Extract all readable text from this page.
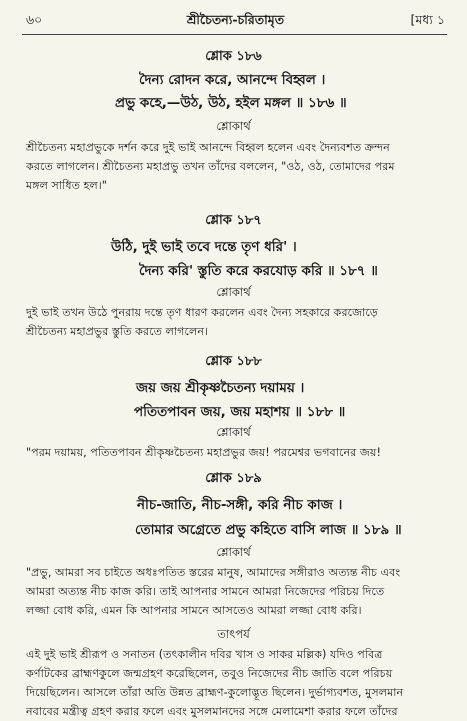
৬০	শ্রীচৈতন্য-চরিতামৃত	[মধ্য ১
শ্লোক ১৮৬
দৈন্য রোদন করে, আনন্দে বিহ্বল ।
প্রভু কহে,—উঠ, উঠ, হইল মঙ্গল ॥ ১৮৬ ॥
শ্লোকার্থ
শ্রীচৈতন্য মহাপ্রভুকে দর্শন করে দুই ভাই আনন্দে বিহ্বল হলেন এবং দৈন্যবশত ক্রন্দন
করতে লাগলেন। শ্রীচৈতন্য মহাপ্রভু তখন তাঁদের বললেন, "ওঠ, ওঠ, তোমাদের পরম
মঙ্গল সাধিত হল।"
শ্লোক ১৮৭
উঠি, দুই ভাই তবে দন্তে তৃণ ধরি' ।
দৈন্য করি' স্তুতি করে করযোড় করি ॥ ১৮৭ ॥
শ্লোকার্থ
দুই ভাই তখন উঠে পুনরায় দন্তে তৃণ ধারণ করলেন এবং দৈন্য সহকারে করজোড়ে
শ্রীচৈতন্য মহাপ্রভুর স্তুতি করতে লাগলেন।
শ্লোক ১৮৮
জয় জয় শ্রীকৃষ্ণচৈতন্য দয়াময় ।
পতিতপাবন জয়, জয় মহাশয় ॥ ১৮৮ ॥
শ্লোকার্থ
"পরম দয়াময়, পতিতপাবন শ্রীকৃষ্ণচৈতন্য মহাপ্রভুর জয়! পরমেশ্বর ভগবানের জয়!
শ্লোক ১৮৯
নীচ-জাতি, নীচ-সঙ্গী, করি নীচ কাজ ।
তোমার অগ্রেতে প্রভু কহিতে বাসি লাজ ॥ ১৮৯ ॥
শ্লোকার্থ
"প্রভু, আমরা সব চাইতে অধঃপতিত স্তরের মানুষ, আমাদের সঙ্গীরাও অত্যন্ত নীচ এবং
আমরা অত্যন্ত নীচ কাজ করি। তাই আপনার সামনে আমরা নিজেদের পরিচয় দিতে
লজ্জা বোধ করি, এমন কি আপনার সামনে আসতেও আমরা লজ্জা বোধ করি।
তাৎপর্য
এই দুই ভাই শ্রীরূপ ও সনাতন (তৎকালীন দবির খাস ও সাকর মল্লিক) যদিও পবিত্র
কর্ণাটকের ব্রাহ্মণকুলে জন্মগ্রহণ করেছিলেন, তবুও নিজেদের নীচ জাতি বলে পরিচয়
দিয়েছিলেন। আসলে তাঁরা অতি উন্নত ব্রাহ্মণ-কুলোদ্ভূত ছিলেন। দুর্ভাগ্যবশত, মুসলমান
নবাবের মন্ত্রীত্ব গ্রহণ করার ফলে এবং মুসলমানদের সঙ্গে মেলামেশা করার ফলে তাঁদের
